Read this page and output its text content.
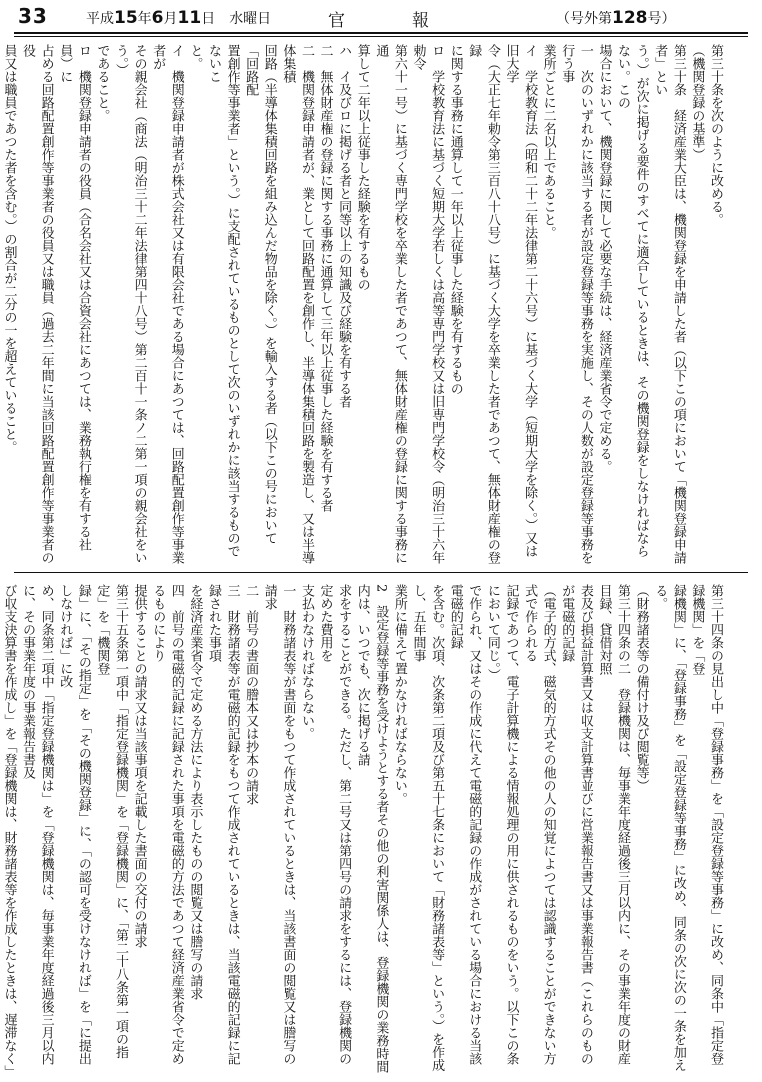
33	平成15年6月11日　 水曜日	官	報	（号外第128号）

第三十条を次のように改める。

（機関登録の基準）

第三十条　経済産業大臣は、機関登録を申請した者（以下この項において「機関登録申請者」とい

う。）が次に掲げる要件のすべてに適合しているときは、その機関登録をしなければならない。この

場合において、機関登録に関して必要な手続は、経済産業省令で定める。

一　次のいずれかに該当する者が設定登録等事務を実施し、その人数が設定登録等事務を行う事

業所ごとに二名以上であること。

イ　学校教育法（昭和二十二年法律第二十六号）に基づく大学（短期大学を除く。）又は旧大学

令（大正七年勅令第三百八十八号）に基づく大学を卒業した者であつて、無体財産権の登録

に関する事務に通算して一年以上従事した経験を有するもの

ロ　学校教育法に基づく短期大学若しくは高等専門学校又は旧専門学校令（明治三十六年勅令

第六十一号）に基づく専門学校を卒業した者であつて、無体財産権の登録に関する事務に通

算して二年以上従事した経験を有するもの

ハ　イ及びロに掲げる者と同等以上の知識及び経験を有する者

二　無体財産権の登録に関する事務に通算して三年以上従事した経験を有する者

二　機関登録申請者が、業として回路配置を創作し、半導体集積回路を製造し、又は半導体集積

回路（半導体集積回路を組み込んだ物品を除く。）を輸入する者（以下この号において「回路配

置創作等事業者」という。）に支配されているものとして次のいずれかに該当するものでないこ

と。

イ　機関登録申請者が株式会社又は有限会社である場合にあつては、回路配置創作等事業者が

その親会社（商法（明治三十二年法律第四十八号）第二百十一条ノ二第一項の親会社をいう。）

であること。

ロ　機関登録申請者の役員（合名会社又は合資会社にあつては、業務執行権を有する社員）に

占める回路配置創作等事業者の役員又は職員（過去二年間に当該回路配置創作等事業者の役

員又は職員であつた者を含む。）の割合が二分の一を超えていること。

第三十四条の見出し中「登録事務」を「設定登録等事務」に改め、同条中「指定登録機関」を「登

録機関」に、「登録事務」を「設定登録等事務」に改め、同条の次に次の一条を加える。

（財務諸表等の備付け及び閲覧等）

第三十四条の二　登録機関は、毎事業年度経過後三月以内に、その事業年度の財産目録、貸借対照

表及び損益計算書又は収支計算書並びに営業報告書又は事業報告書（これらのものが電磁的記録

（電子的方式、磁気的方式その他の人の知覚によつては認識することができない方式で作られる

記録であつて、電子計算機による情報処理の用に供されるものをいう。以下この条において同じ。）

で作られ、又はその作成に代えて電磁的記録の作成がされている場合における当該電磁的記録

を含む。次項、次条第二項及び第五十七条において「財務諸表等」という。）を作成し、五年間事

業所に備えて置かなければならない。

2　設定登録等事務を受けようとする者その他の利害関係人は、登録機関の業務時間内は、いつでも、次に掲げる請

求をすることができる。ただし、第二号又は第四号の請求をするには、登録機関の定めた費用を

支払わなければならない。

一　財務諸表等が書面をもつて作成されているときは、当該書面の閲覧又は謄写の請求

二　前号の書面の謄本又は抄本の請求

三　財務諸表等が電磁的記録をもつて作成されているときは、当該電磁的記録に記録された事項

を経済産業省令で定める方法により表示したものの閲覧又は謄写の請求

四　前号の電磁的記録に記録された事項を電磁的方法であつて経済産業省令で定めるものにより

提供することの請求又は当該事項を記載した書面の交付の請求

第三十五条第一項中「指定登録機関」を「登録機関」に、「第二十八条第一項の指定」を「機関登

録」に、「その指定」を「その機関登録」に、「の認可を受けなければ」を「に提出しなければ」に改

め、同条第二項中「指定登録機関は」を「登録機関は、毎事業年度経過後三月以内に、その事業年度の事業報告書及

び収支決算書を作成し」を「登録機関は、財務諸表等を作成したときは、遅滞なく」
